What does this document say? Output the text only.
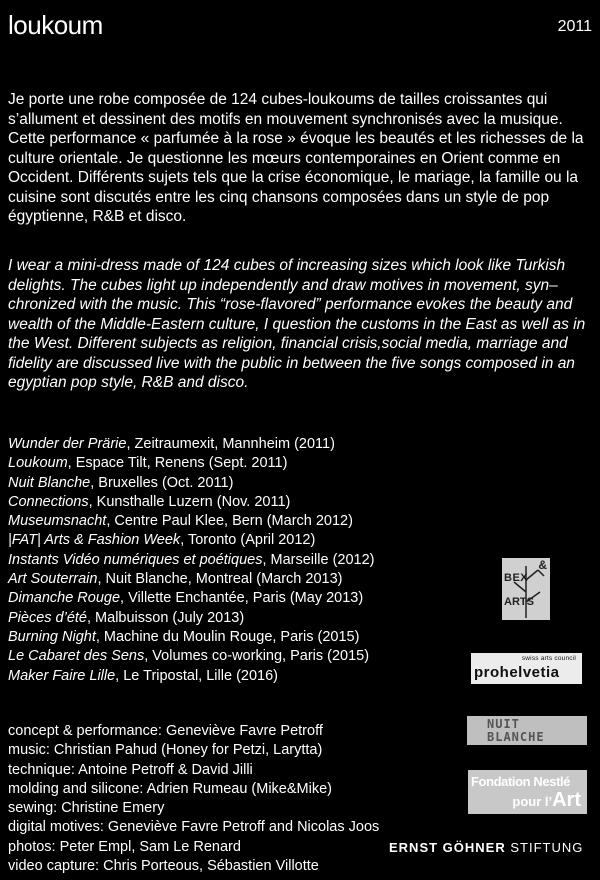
loukoum	2011

Je porte une robe composée de 124 cubes-loukoums de tailles croissantes qui s’allument et dessinent des motifs en mouvement synchronisés avec la musique. Cette performance « parfumée à la rose » évoque les beautés et les richesses de la culture orientale. Je questionne les mœurs contemporaines en Orient comme en Occident. Différents sujets tels que la crise économique, le mariage, la famille ou la cuisine sont discutés entre les cinq chansons composées dans un style de pop égyptienne, R&B et disco.

I wear a mini-dress made of 124 cubes of increasing sizes which look like Turkish delights. The cubes light up independently and draw motives in movement, syn–chronized with the music. This “rose-flavored” performance evokes the beauty and wealth of the Middle-Eastern culture, I question the customs in the East as well as in the West. Different subjects as religion, financial crisis,social media, marriage and fidelity are discussed live with the public in between the five songs composed in an egyptian pop style, R&B and disco.

Wunder der Prärie, Zeitraumexit, Mannheim (2011)
Loukoum, Espace Tilt, Renens (Sept. 2011)
Nuit Blanche, Bruxelles (Oct. 2011)
Connections, Kunsthalle Luzern (Nov. 2011)
Museumsnacht, Centre Paul Klee, Bern (March 2012)
|FAT| Arts & Fashion Week, Toronto (April 2012)
Instants Vidéo numériques et poétiques, Marseille (2012)
Art Souterrain, Nuit Blanche, Montreal (March 2013)
Dimanche Rouge, Villette Enchantée, Paris (May 2013)
Pièces d’été, Malbuisson (July 2013)
Burning Night, Machine du Moulin Rouge, Paris (2015)
Le Cabaret des Sens, Volumes co-working, Paris (2015)
Maker Faire Lille, Le Tripostal, Lille (2016)
concept & performance: Geneviève Favre Petroff
music: Christian Pahud (Honey for Petzi, Larytta)
technique: Antoine Petroff & David Jilli
molding and silicone: Adrien Rumeau (Mike&Mike)
sewing: Christine Emery
digital motives: Geneviève Favre Petroff and Nicolas Joos
photos: Peter Empl, Sam Le Renard
video capture: Chris Porteous, Sébastien Villotte
&
BEX
ARTS
swiss arts council
prohelvetia
NUIT
BLANCHE
Fondation Nestlé
pour l’Art
ERNST GÖHNER STIFTUNG
